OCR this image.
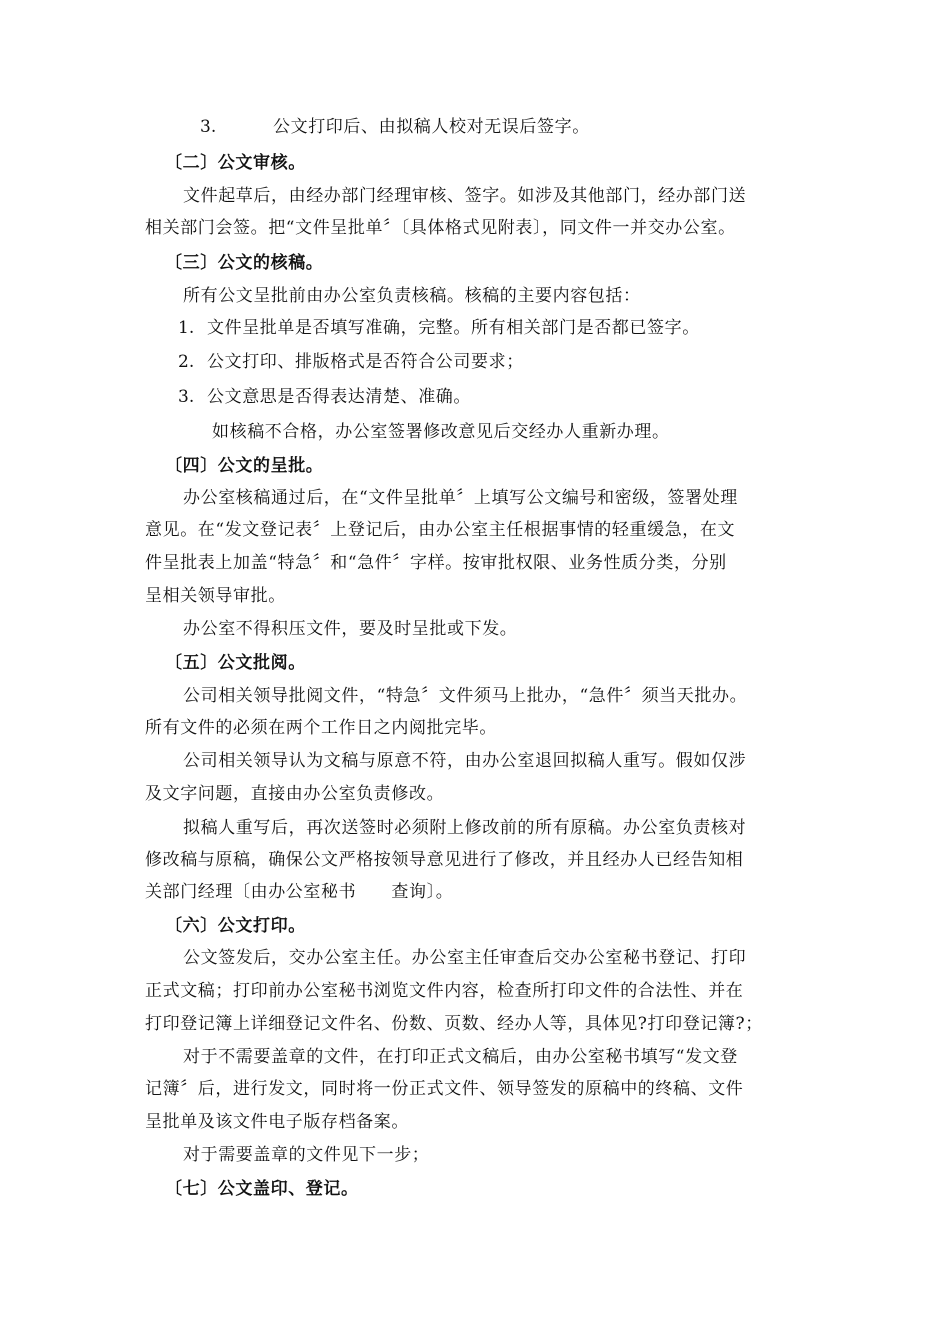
3.	公文打印后、由拟稿人校对无误后签字。
〔二〕公文审核。
文件起草后，由经办部门经理审核、签字。如涉及其他部门，经办部门送
相关部门会签。把“文件呈批单〞〔具体格式见附表〕，同文件一并交办公室。
〔三〕公文的核稿。
所有公文呈批前由办公室负责核稿。核稿的主要内容包括：
1. 文件呈批单是否填写准确，完整。所有相关部门是否都已签字。
2. 公文打印、排版格式是否符合公司要求；
3. 公文意思是否得表达清楚、准确。
如核稿不合格，办公室签署修改意见后交经办人重新办理。
〔四〕公文的呈批。
办公室核稿通过后，在“文件呈批单〞上填写公文编号和密级，签署处理
意见。在“发文登记表〞上登记后，由办公室主任根据事情的轻重缓急，在文
件呈批表上加盖“特急〞和“急件〞字样。按审批权限、业务性质分类，分别
呈相关领导审批。
办公室不得积压文件，要及时呈批或下发。
〔五〕公文批阅。
公司相关领导批阅文件，“特急〞文件须马上批办，“急件〞须当天批办。
所有文件的必须在两个工作日之内阅批完毕。
公司相关领导认为文稿与原意不符，由办公室退回拟稿人重写。假如仅涉
及文字问题，直接由办公室负责修改。
拟稿人重写后，再次送签时必须附上修改前的所有原稿。办公室负责核对
修改稿与原稿，确保公文严格按领导意见进行了修改，并且经办人已经告知相
关部门经理〔由办公室秘书　　查询〕。
〔六〕公文打印。
公文签发后，交办公室主任。办公室主任审查后交办公室秘书登记、打印
正式文稿；打印前办公室秘书浏览文件内容，检查所打印文件的合法性、并在
打印登记簿上详细登记文件名、份数、页数、经办人等，具体见?打印登记簿?；
对于不需要盖章的文件，在打印正式文稿后，由办公室秘书填写“发文登
记簿〞后，进行发文，同时将一份正式文件、领导签发的原稿中的终稿、文件
呈批单及该文件电子版存档备案。
对于需要盖章的文件见下一步；
〔七〕公文盖印、登记。
